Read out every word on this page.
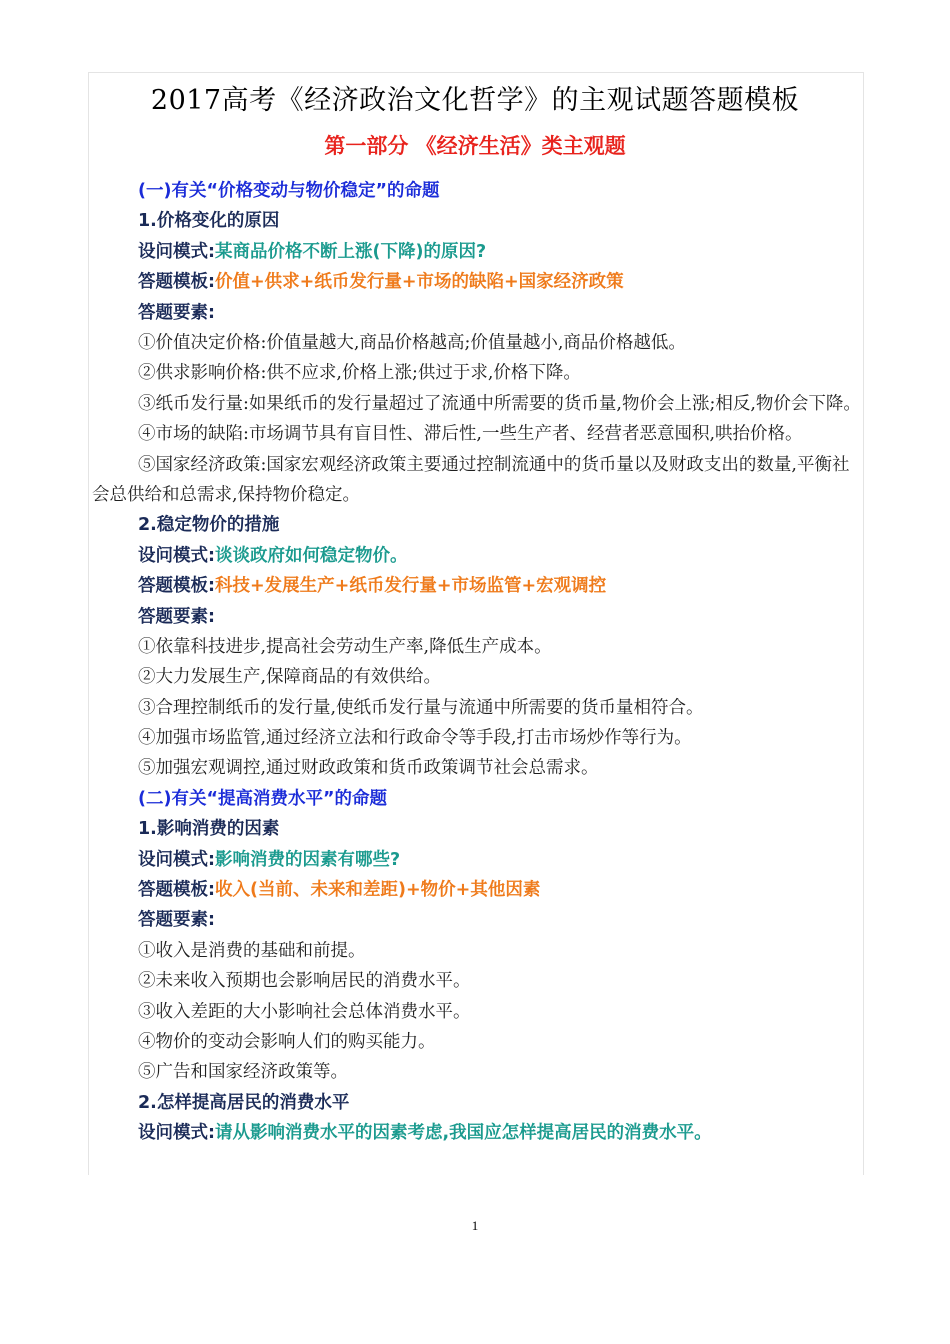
2017高考《经济政治文化哲学》的主观试题答题模板
第一部分 《经济生活》类主观题
(一)有关“价格变动与物价稳定”的命题
1.价格变化的原因
设问模式:某商品价格不断上涨(下降)的原因?
答题模板:价值+供求+纸币发行量+市场的缺陷+国家经济政策
答题要素:
①价值决定价格:价值量越大,商品价格越高;价值量越小,商品价格越低。
②供求影响价格:供不应求,价格上涨;供过于求,价格下降。
③纸币发行量:如果纸币的发行量超过了流通中所需要的货币量,物价会上涨;相反,物价会下降。
④市场的缺陷:市场调节具有盲目性、滞后性,一些生产者、经营者恶意囤积,哄抬价格。
⑤国家经济政策:国家宏观经济政策主要通过控制流通中的货币量以及财政支出的数量,平衡社会总供给和总需求,保持物价稳定。
2.稳定物价的措施
设问模式:谈谈政府如何稳定物价。
答题模板:科技+发展生产+纸币发行量+市场监管+宏观调控
答题要素:
①依靠科技进步,提高社会劳动生产率,降低生产成本。
②大力发展生产,保障商品的有效供给。
③合理控制纸币的发行量,使纸币发行量与流通中所需要的货币量相符合。
④加强市场监管,通过经济立法和行政命令等手段,打击市场炒作等行为。
⑤加强宏观调控,通过财政政策和货币政策调节社会总需求。
(二)有关“提高消费水平”的命题
1.影响消费的因素
设问模式:影响消费的因素有哪些?
答题模板:收入(当前、未来和差距)+物价+其他因素
答题要素:
①收入是消费的基础和前提。
②未来收入预期也会影响居民的消费水平。
③收入差距的大小影响社会总体消费水平。
④物价的变动会影响人们的购买能力。
⑤广告和国家经济政策等。
2.怎样提高居民的消费水平
设问模式:请从影响消费水平的因素考虑,我国应怎样提高居民的消费水平。
1
